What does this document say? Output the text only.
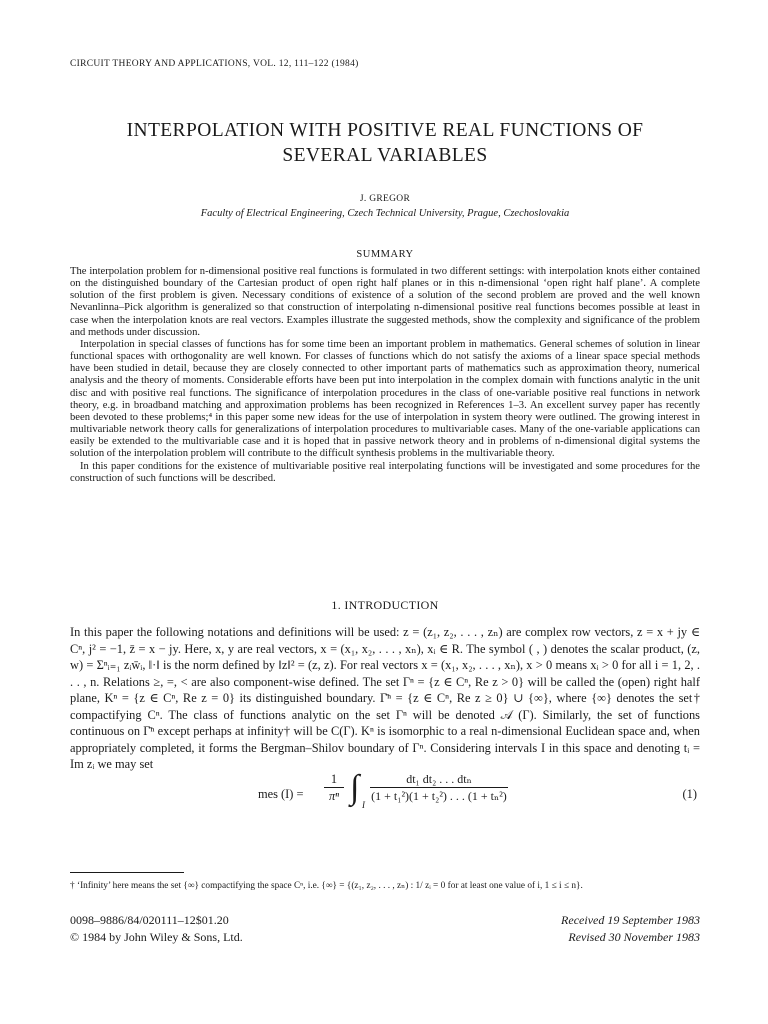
CIRCUIT THEORY AND APPLICATIONS, VOL. 12, 111–122 (1984)
INTERPOLATION WITH POSITIVE REAL FUNCTIONS OF
SEVERAL VARIABLES
J. GREGOR
Faculty of Electrical Engineering, Czech Technical University, Prague, Czechoslovakia
SUMMARY

The interpolation problem for n-dimensional positive real functions is formulated in two different settings: with interpolation knots either contained on the distinguished boundary of the Cartesian product of open right half planes or in this n-dimensional ‘open right half plane’. A complete solution of the first problem is given. Necessary conditions of existence of a solution of the second problem are proved and the well known Nevanlinna–Pick algorithm is generalized so that construction of interpolating n-dimensional positive real functions becomes possible at least in case when the interpolation knots are real vectors. Examples illustrate the suggested methods, show the complexity and significance of the problem and methods under discussion.

Interpolation in special classes of functions has for some time been an important problem in mathematics. General schemes of solution in linear functional spaces with orthogonality are well known. For classes of functions which do not satisfy the axioms of a linear space special methods have been studied in detail, because they are closely connected to other important parts of mathematics such as approximation theory, numerical analysis and the theory of moments. Considerable efforts have been put into interpolation in the complex domain with functions analytic in the unit disc and with positive real functions. The significance of interpolation procedures in the class of one-variable positive real functions in network theory, e.g. in broadband matching and approximation problems has been recognized in References 1–3. An excellent survey paper has recently been devoted to these problems;⁴ in this paper some new ideas for the use of interpolation in system theory were outlined. The growing interest in multivariable network theory calls for generalizations of interpolation procedures to multivariable cases. Many of the one-variable applications can easily be extended to the multivariable case and it is hoped that in passive network theory and in problems of n-dimensional digital systems the solution of the interpolation problem will contribute to the difficult synthesis problems in the multivariable theory.

In this paper conditions for the existence of multivariable positive real interpolating functions will be investigated and some procedures for the construction of such functions will be described.

1. INTRODUCTION

In this paper the following notations and definitions will be used: z = (z₁, z₂, . . . , zₙ) are complex row vectors, z = x + jy ∈ Cⁿ, j² = −1, z̄ = x − jy. Here, x, y are real vectors, x = (x₁, x₂, . . . , xₙ), xᵢ ∈ R. The symbol ( , ) denotes the scalar product, (z, w) = Σⁿᵢ₌₁ zᵢw̄ᵢ, ‖·‖ is the norm defined by ‖z‖² = (z, z). For real vectors x = (x₁, x₂, . . . , xₙ), x > 0 means xᵢ > 0 for all i = 1, 2, . . . , n. Relations ≥, =, < are also component-wise defined. The set Γⁿ = {z ∈ Cⁿ, Re z > 0} will be called the (open) right half plane, Kⁿ = {z ∈ Cⁿ, Re z = 0} its distinguished boundary. Γ̄ⁿ = {z ∈ Cⁿ, Re z ≥ 0} ∪ {∞}, where {∞} denotes the set† compactifying Cⁿ. The class of functions analytic on the set Γⁿ will be denoted 𝒜 (Γ). Similarly, the set of functions continuous on Γ̄ⁿ except perhaps at infinity† will be C(Γ). Kⁿ is isomorphic to a real n-dimensional Euclidean space and, when appropriately completed, it forms the Bergman–Shilov boundary of Γⁿ. Considering intervals I in this space and denoting tᵢ = Im zᵢ we may set

mes $(I) = \frac{1}{\text{πⁿ}}$ ∫ I
dt₁ dt₂ . . . dtₙ
(1 + t₁²)(1 + t₂²) . . . (1 + tₙ²)	(1)
† ‘Infinity’ here means the set {∞} compactifying the space Cⁿ, i.e. {∞} = {(z₁, z₂, . . . , zₙ) : 1/ zᵢ = 0 for at least one value of i, 1 ≤ i ≤ n}.
0098–9886/84/020111–12$01.20
© 1984 by John Wiley & Sons, Ltd.
Received 19 September 1983
Revised 30 November 1983
